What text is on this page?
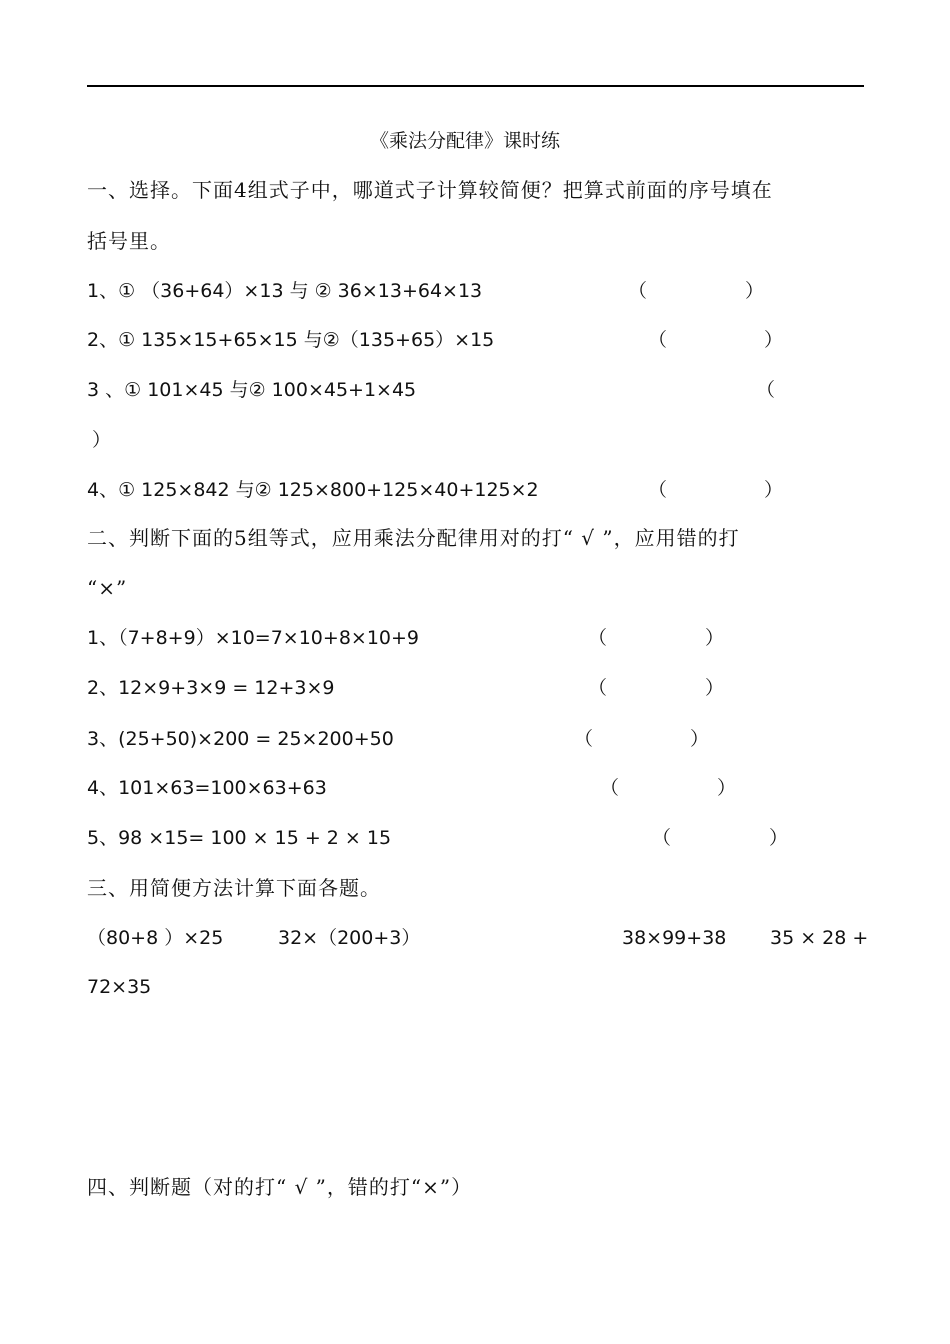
《乘法分配律》课时练
一、选择。下面4组式子中，哪道式子计算较简便？把算式前面的序号填在
括号里。
1、① （36+64）×13 与 ② 36×13+64×13	（	）
2、① 135×15+65×15 与②（135+65）×15	（	）
3 、① 101×45 与② 100×45+1×45	（
）
4、① 125×842 与② 125×800+125×40+125×2	（	）
二、判断下面的5组等式，应用乘法分配律用对的打“ √ ”，应用错的打
“×”
1、（7+8+9）×10=7×10+8×10+9	（	）
2、12×9+3×9 = 12+3×9	（	）
3、(25+50)×200 = 25×200+50	（	）
4、101×63=100×63+63	（	）
5、98 ×15= 100 × 15 + 2 × 15	（	）
三、用简便方法计算下面各题。
（80+8 ）×25	32×（200+3）	38×99+38 35 × 28 +
72×35
四、判断题（对的打“ √ ”，错的打“×”）
